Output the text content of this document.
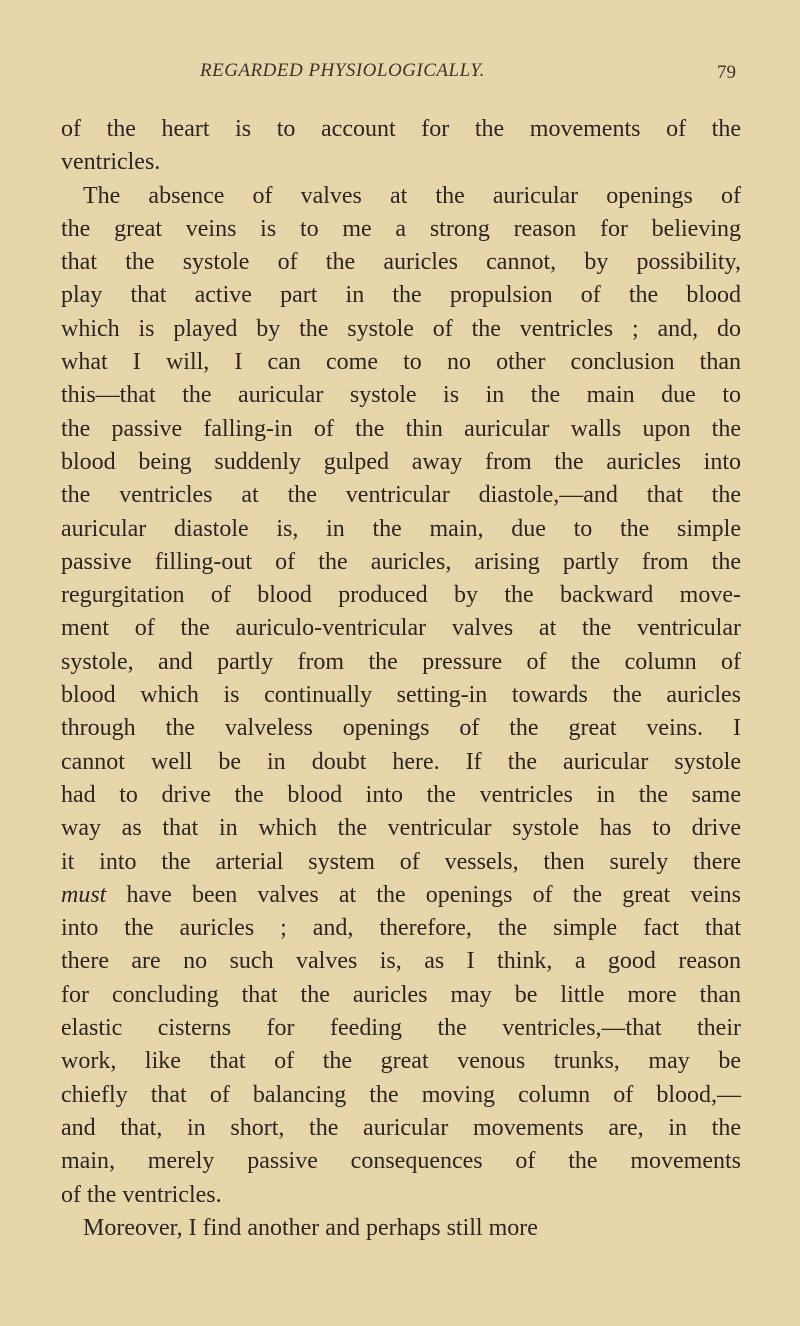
REGARDED PHYSIOLOGICALLY.	79
of the heart is to account for the movements of the
ventricles.
The absence of valves at the auricular openings of
the great veins is to me a strong reason for believing
that the systole of the auricles cannot, by possibility,
play that active part in the propulsion of the blood
which is played by the systole of the ventricles ; and, do
what I will, I can come to no other conclusion than
this—that the auricular systole is in the main due to
the passive falling-in of the thin auricular walls upon the
blood being suddenly gulped away from the auricles into
the ventricles at the ventricular diastole,—and that the
auricular diastole is, in the main, due to the simple
passive filling-out of the auricles, arising partly from the
regurgitation of blood produced by the backward move-
ment of the auriculo-ventricular valves at the ventricular
systole, and partly from the pressure of the column of
blood which is continually setting-in towards the auricles
through the valveless openings of the great veins. I
cannot well be in doubt here. If the auricular systole
had to drive the blood into the ventricles in the same
way as that in which the ventricular systole has to drive
it into the arterial system of vessels, then surely there
must have been valves at the openings of the great veins
into the auricles ; and, therefore, the simple fact that
there are no such valves is, as I think, a good reason
for concluding that the auricles may be little more than
elastic cisterns for feeding the ventricles,—that their
work, like that of the great venous trunks, may be
chiefly that of balancing the moving column of blood,—
and that, in short, the auricular movements are, in the
main, merely passive consequences of the movements
of the ventricles.
Moreover, I find another and perhaps still more
